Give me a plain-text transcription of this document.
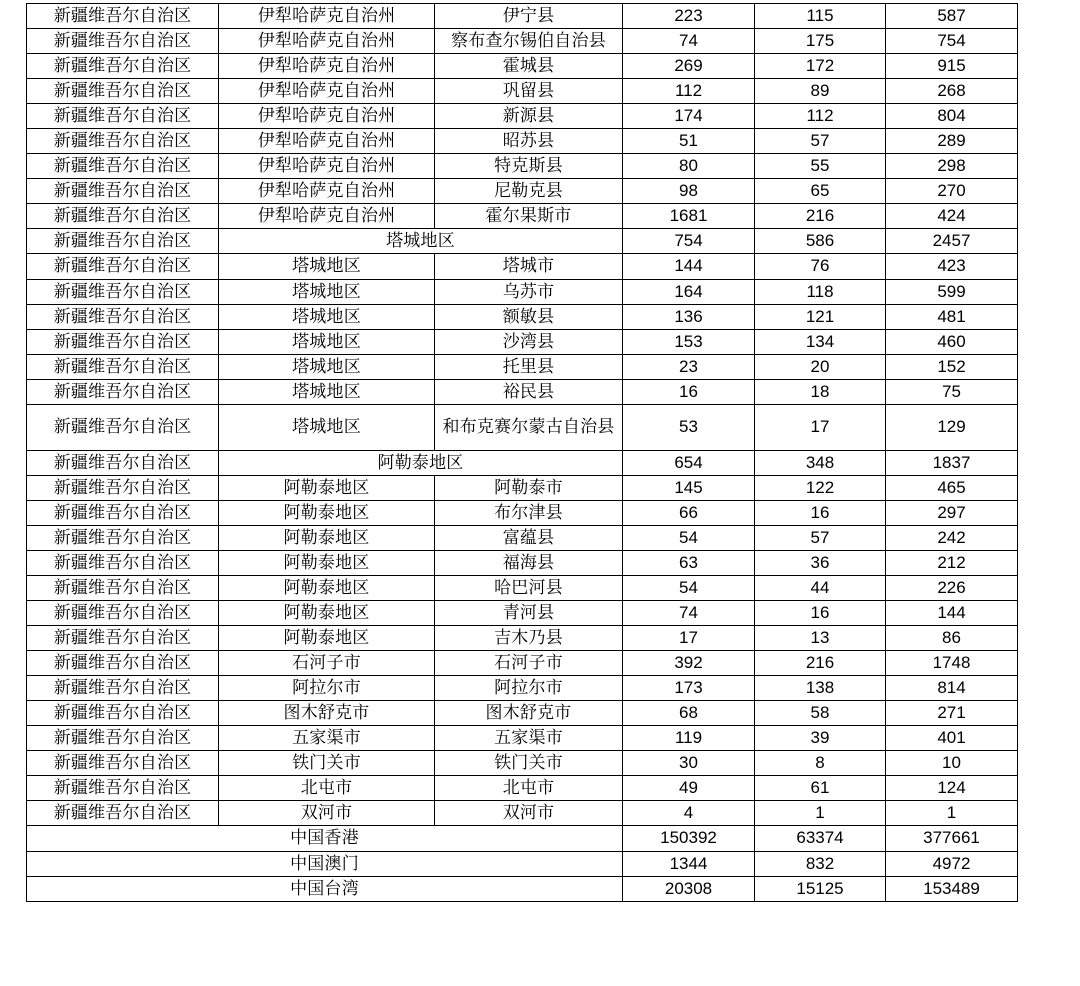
新疆维吾尔自治区	伊犁哈萨克自治州	伊宁县	223	115	587
新疆维吾尔自治区	伊犁哈萨克自治州	察布查尔锡伯自治县	74	175	754
新疆维吾尔自治区	伊犁哈萨克自治州	霍城县	269	172	915
新疆维吾尔自治区	伊犁哈萨克自治州	巩留县	112	89	268
新疆维吾尔自治区	伊犁哈萨克自治州	新源县	174	112	804
新疆维吾尔自治区	伊犁哈萨克自治州	昭苏县	51	57	289
新疆维吾尔自治区	伊犁哈萨克自治州	特克斯县	80	55	298
新疆维吾尔自治区	伊犁哈萨克自治州	尼勒克县	98	65	270
新疆维吾尔自治区	伊犁哈萨克自治州	霍尔果斯市	1681	216	424
新疆维吾尔自治区	塔城地区		754	586	2457
新疆维吾尔自治区	塔城地区	塔城市	144	76	423
新疆维吾尔自治区	塔城地区	乌苏市	164	118	599
新疆维吾尔自治区	塔城地区	额敏县	136	121	481
新疆维吾尔自治区	塔城地区	沙湾县	153	134	460
新疆维吾尔自治区	塔城地区	托里县	23	20	152
新疆维吾尔自治区	塔城地区	裕民县	16	18	75
新疆维吾尔自治区	塔城地区	和布克赛尔蒙古自治县	53	17	129
新疆维吾尔自治区	阿勒泰地区		654	348	1837
新疆维吾尔自治区	阿勒泰地区	阿勒泰市	145	122	465
新疆维吾尔自治区	阿勒泰地区	布尔津县	66	16	297
新疆维吾尔自治区	阿勒泰地区	富蕴县	54	57	242
新疆维吾尔自治区	阿勒泰地区	福海县	63	36	212
新疆维吾尔自治区	阿勒泰地区	哈巴河县	54	44	226
新疆维吾尔自治区	阿勒泰地区	青河县	74	16	144
新疆维吾尔自治区	阿勒泰地区	吉木乃县	17	13	86
新疆维吾尔自治区	石河子市	石河子市	392	216	1748
新疆维吾尔自治区	阿拉尔市	阿拉尔市	173	138	814
新疆维吾尔自治区	图木舒克市	图木舒克市	68	58	271
新疆维吾尔自治区	五家渠市	五家渠市	119	39	401
新疆维吾尔自治区	铁门关市	铁门关市	30	8	10
新疆维吾尔自治区	北屯市	北屯市	49	61	124
新疆维吾尔自治区	双河市	双河市	4	1	1
中国香港			150392	63374	377661
中国澳门			1344	832	4972
中国台湾			20308	15125	153489
